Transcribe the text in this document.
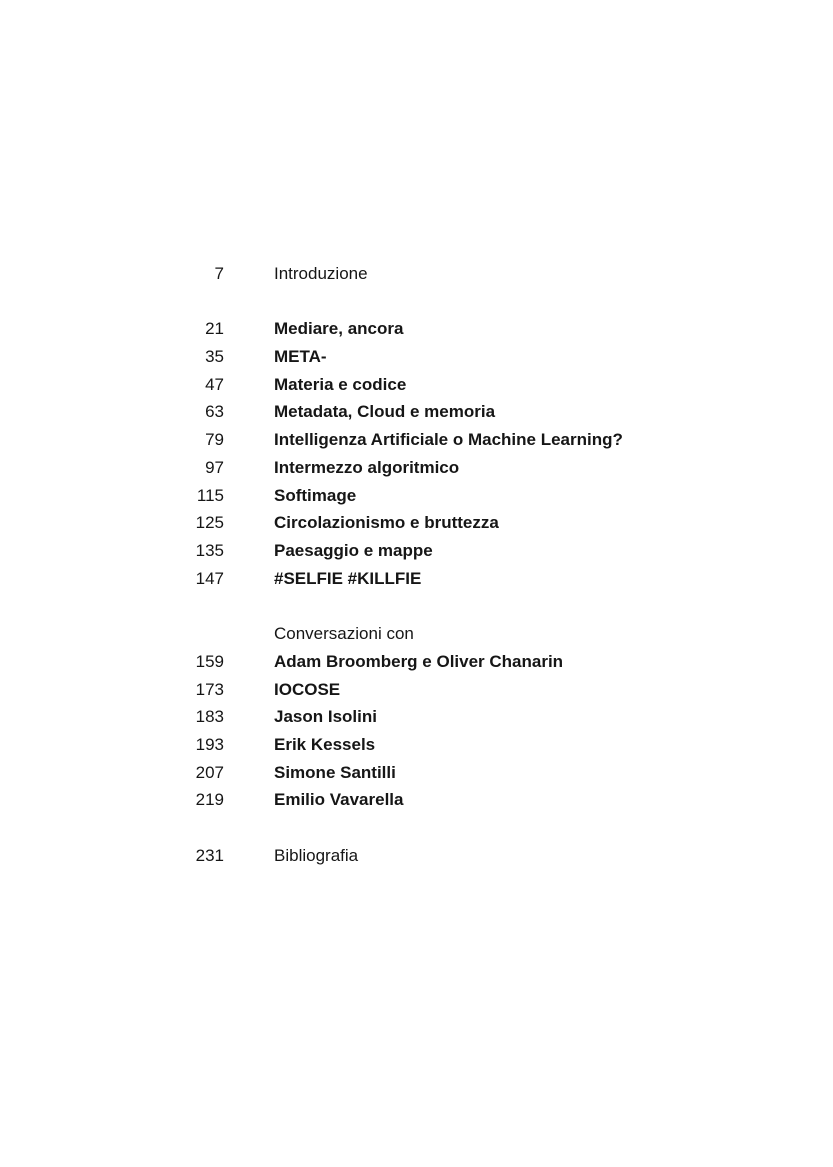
7	Introduzione
21	Mediare, ancora
35	META-
47	Materia e codice
63	Metadata, Cloud e memoria
79	Intelligenza Artificiale o Machine Learning?
97	Intermezzo algoritmico
115	Softimage
125	Circolazionismo e bruttezza
135	Paesaggio e mappe
147	#SELFIE #KILLFIE
Conversazioni con
159	Adam Broomberg e Oliver Chanarin
173	IOCOSE
183	Jason Isolini
193	Erik Kessels
207	Simone Santilli
219	Emilio Vavarella
231	Bibliografia
